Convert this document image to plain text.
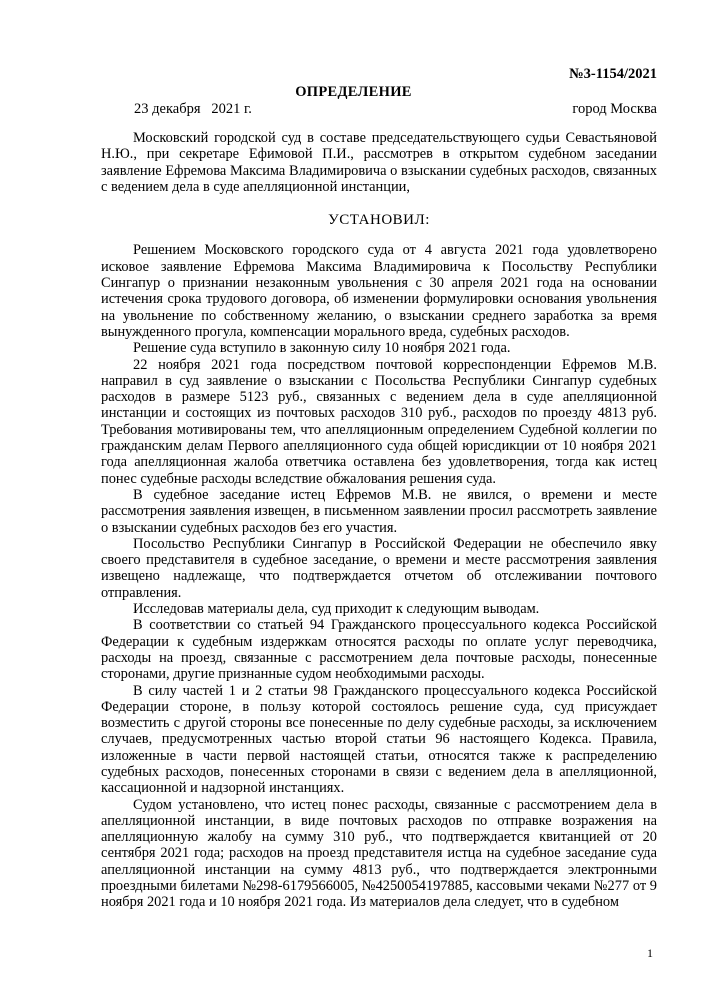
№3-1154/2021
ОПРЕДЕЛЕНИЕ
23 декабря   2021 г.	город Москва

Московский городской суд в составе председательствующего судьи Севастьяновой Н.Ю., при секретаре Ефимовой П.И., рассмотрев в открытом судебном заседании заявление Ефремова Максима Владимировича о взыскании судебных расходов, связанных с ведением дела в суде апелляционной инстанции,

УСТАНОВИЛ:

Решением Московского городского суда от 4 августа 2021 года удовлетворено исковое заявление Ефремова Максима Владимировича к Посольству Республики Сингапур о признании незаконным увольнения с 30 апреля 2021 года на основании истечения срока трудового договора, об изменении формулировки основания увольнения на увольнение по собственному желанию, о взыскании среднего заработка за время вынужденного прогула, компенсации морального вреда, судебных расходов.

Решение суда вступило в законную силу 10 ноября 2021 года.

22 ноября 2021 года посредством почтовой корреспонденции Ефремов М.В. направил в суд заявление о взыскании с Посольства Республики Сингапур судебных расходов в размере 5123 руб., связанных с ведением дела в суде апелляционной инстанции и состоящих из почтовых расходов 310 руб., расходов по проезду 4813 руб. Требования мотивированы тем, что апелляционным определением Судебной коллегии по гражданским делам Первого апелляционного суда общей юрисдикции от 10 ноября 2021 года апелляционная жалоба ответчика оставлена без удовлетворения, тогда как истец понес судебные расходы вследствие обжалования решения суда.

В судебное заседание истец Ефремов М.В. не явился, о времени и месте рассмотрения заявления извещен, в письменном заявлении просил рассмотреть заявление о взыскании судебных расходов без его участия.

Посольство Республики Сингапур в Российской Федерации не обеспечило явку своего представителя в судебное заседание, о времени и месте рассмотрения заявления извещено надлежаще, что подтверждается отчетом об отслеживании почтового отправления.

Исследовав материалы дела, суд приходит к следующим выводам.

В соответствии со статьей 94 Гражданского процессуального кодекса Российской Федерации к судебным издержкам относятся расходы по оплате услуг переводчика, расходы на проезд, связанные с рассмотрением дела почтовые расходы, понесенные сторонами, другие признанные судом необходимыми расходы.

В силу частей 1 и 2 статьи 98 Гражданского процессуального кодекса Российской Федерации стороне, в пользу которой состоялось решение суда, суд присуждает возместить с другой стороны все понесенные по делу судебные расходы, за исключением случаев, предусмотренных частью второй статьи 96 настоящего Кодекса. Правила, изложенные в части первой настоящей статьи, относятся также к распределению судебных расходов, понесенных сторонами в связи с ведением дела в апелляционной, кассационной и надзорной инстанциях.

Судом установлено, что истец понес расходы, связанные с рассмотрением дела в апелляционной инстанции, в виде почтовых расходов по отправке возражения на апелляционную жалобу на сумму 310 руб., что подтверждается квитанцией от 20 сентября 2021 года; расходов на проезд представителя истца на судебное заседание суда апелляционной инстанции на сумму 4813 руб., что подтверждается электронными проездными билетами №298-6179566005, №4250054197885, кассовыми чеками №277 от 9 ноября 2021 года и 10 ноября 2021 года. Из материалов дела следует, что в судебном

1
